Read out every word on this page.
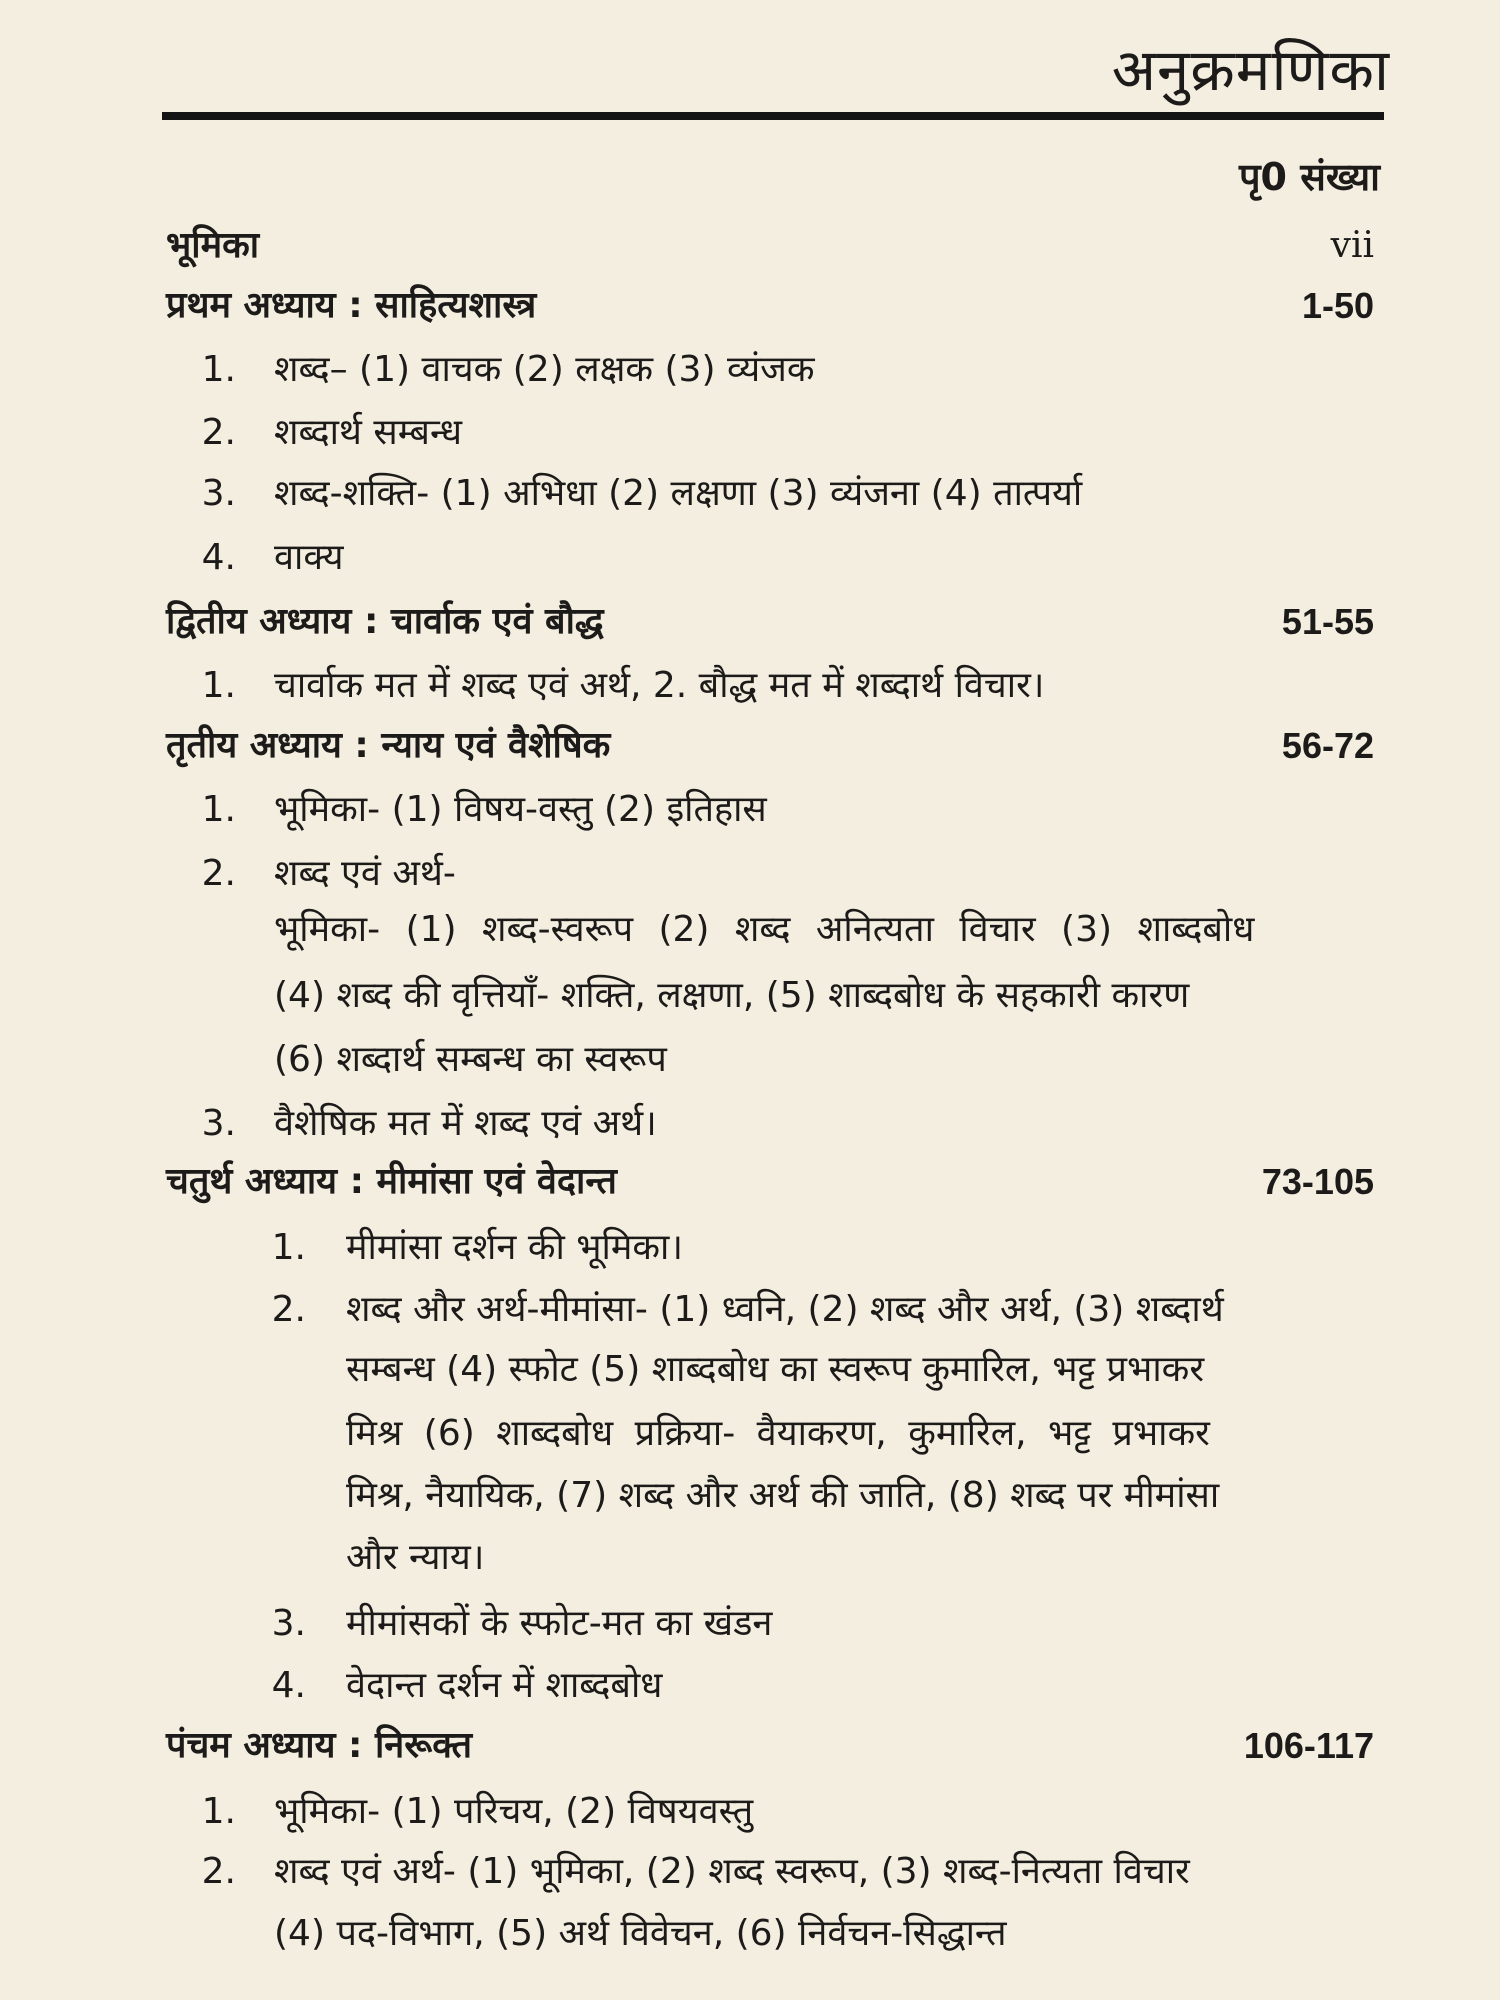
अनुक्रमणिका
पृ0 संख्या
भूमिका	vii
प्रथम अध्याय : साहित्यशास्त्र	1-50
1. शब्द– (1) वाचक (2) लक्षक (3) व्यंजक
2. शब्दार्थ सम्बन्ध
3. शब्द-शक्ति- (1) अभिधा (2) लक्षणा (3) व्यंजना (4) तात्पर्या
4. वाक्य
द्वितीय अध्याय : चार्वाक एवं बौद्ध	51-55
1. चार्वाक मत में शब्द एवं अर्थ, 2. बौद्ध मत में शब्दार्थ विचार।
तृतीय अध्याय : न्याय एवं वैशेषिक	56-72
1. भूमिका- (1) विषय-वस्तु (2) इतिहास
2. शब्द एवं अर्थ-
भूमिका- (1) शब्द-स्वरूप (2) शब्द अनित्यता विचार (3) शाब्दबोध
(4) शब्द की वृत्तियाँ- शक्ति, लक्षणा, (5) शाब्दबोध के सहकारी कारण
(6) शब्दार्थ सम्बन्ध का स्वरूप
3. वैशेषिक मत में शब्द एवं अर्थ।
चतुर्थ अध्याय : मीमांसा एवं वेदान्त	73-105
1. मीमांसा दर्शन की भूमिका।
2. शब्द और अर्थ-मीमांसा- (1) ध्वनि, (2) शब्द और अर्थ, (3) शब्दार्थ
सम्बन्ध (4) स्फोट (5) शाब्दबोध का स्वरूप कुमारिल, भट्ट प्रभाकर
मिश्र (6) शाब्दबोध प्रक्रिया- वैयाकरण, कुमारिल, भट्ट प्रभाकर
मिश्र, नैयायिक, (7) शब्द और अर्थ की जाति, (8) शब्द पर मीमांसा
और न्याय।
3. मीमांसकों के स्फोट-मत का खंडन
4. वेदान्त दर्शन में शाब्दबोध
पंचम अध्याय : निरूक्त	106-117
1. भूमिका- (1) परिचय, (2) विषयवस्तु
2. शब्द एवं अर्थ- (1) भूमिका, (2) शब्द स्वरूप, (3) शब्द-नित्यता विचार
(4) पद-विभाग, (5) अर्थ विवेचन, (6) निर्वचन-सिद्धान्त
